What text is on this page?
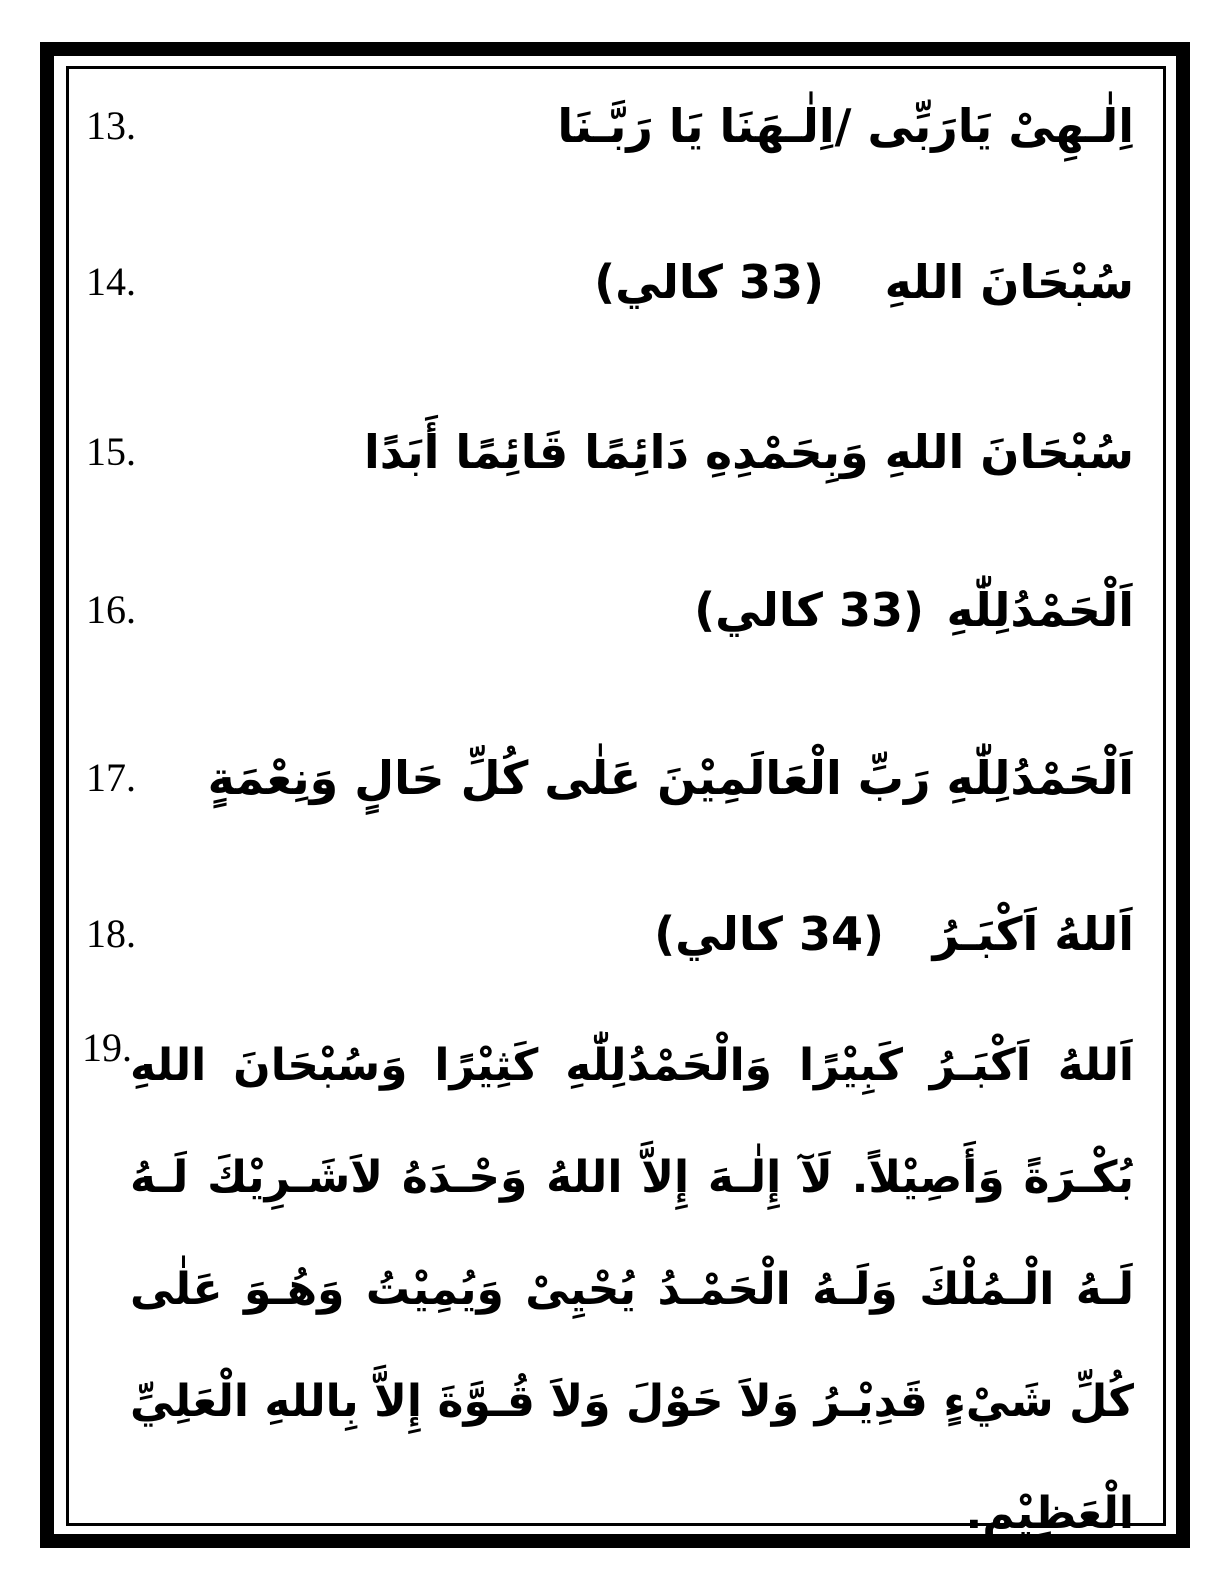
13.	اِلٰـهِىْ يَارَبِّى /اِلٰـهَنَا يَا رَبَّـنَا
14.	سُبْحَانَ اللهِ
(33 كالي)
15.	سُبْحَانَ اللهِ وَبِحَمْدِهِ دَائِمًا قَائِمًا أَبَدًا
16.	اَلْحَمْدُلِلّٰهِ
(33 كالي)
17. اَلْحَمْدُلِلّٰهِ رَبِّ الْعَالَمِيْنَ عَلٰى كُلِّ حَالٍ وَنِعْمَةٍ
18.	اَللهُ اَكْبَـرُ
(34 كالي)
19.
اَللهُ اَكْبَـرُ كَبِيْرًا وَالْحَمْدُلِلّٰهِ كَثِيْرًا وَسُبْحَانَ اللهِ بُكْـرَةً وَأَصِيْلاً. لَآ إِلٰـهَ إِلاَّ اللهُ وَحْـدَهُ لاَشَـرِيْكَ لَـهُ لَـهُ الْـمُلْكَ وَلَـهُ الْحَمْـدُ يُحْيِىْ وَيُمِيْتُ وَهُـوَ عَلٰى كُلِّ شَيْءٍ قَدِيْـرُ وَلاَ حَوْلَ وَلاَ قُـوَّةَ إِلاَّ بِاللهِ الْعَلِيِّ الْعَظِيْمِ.
